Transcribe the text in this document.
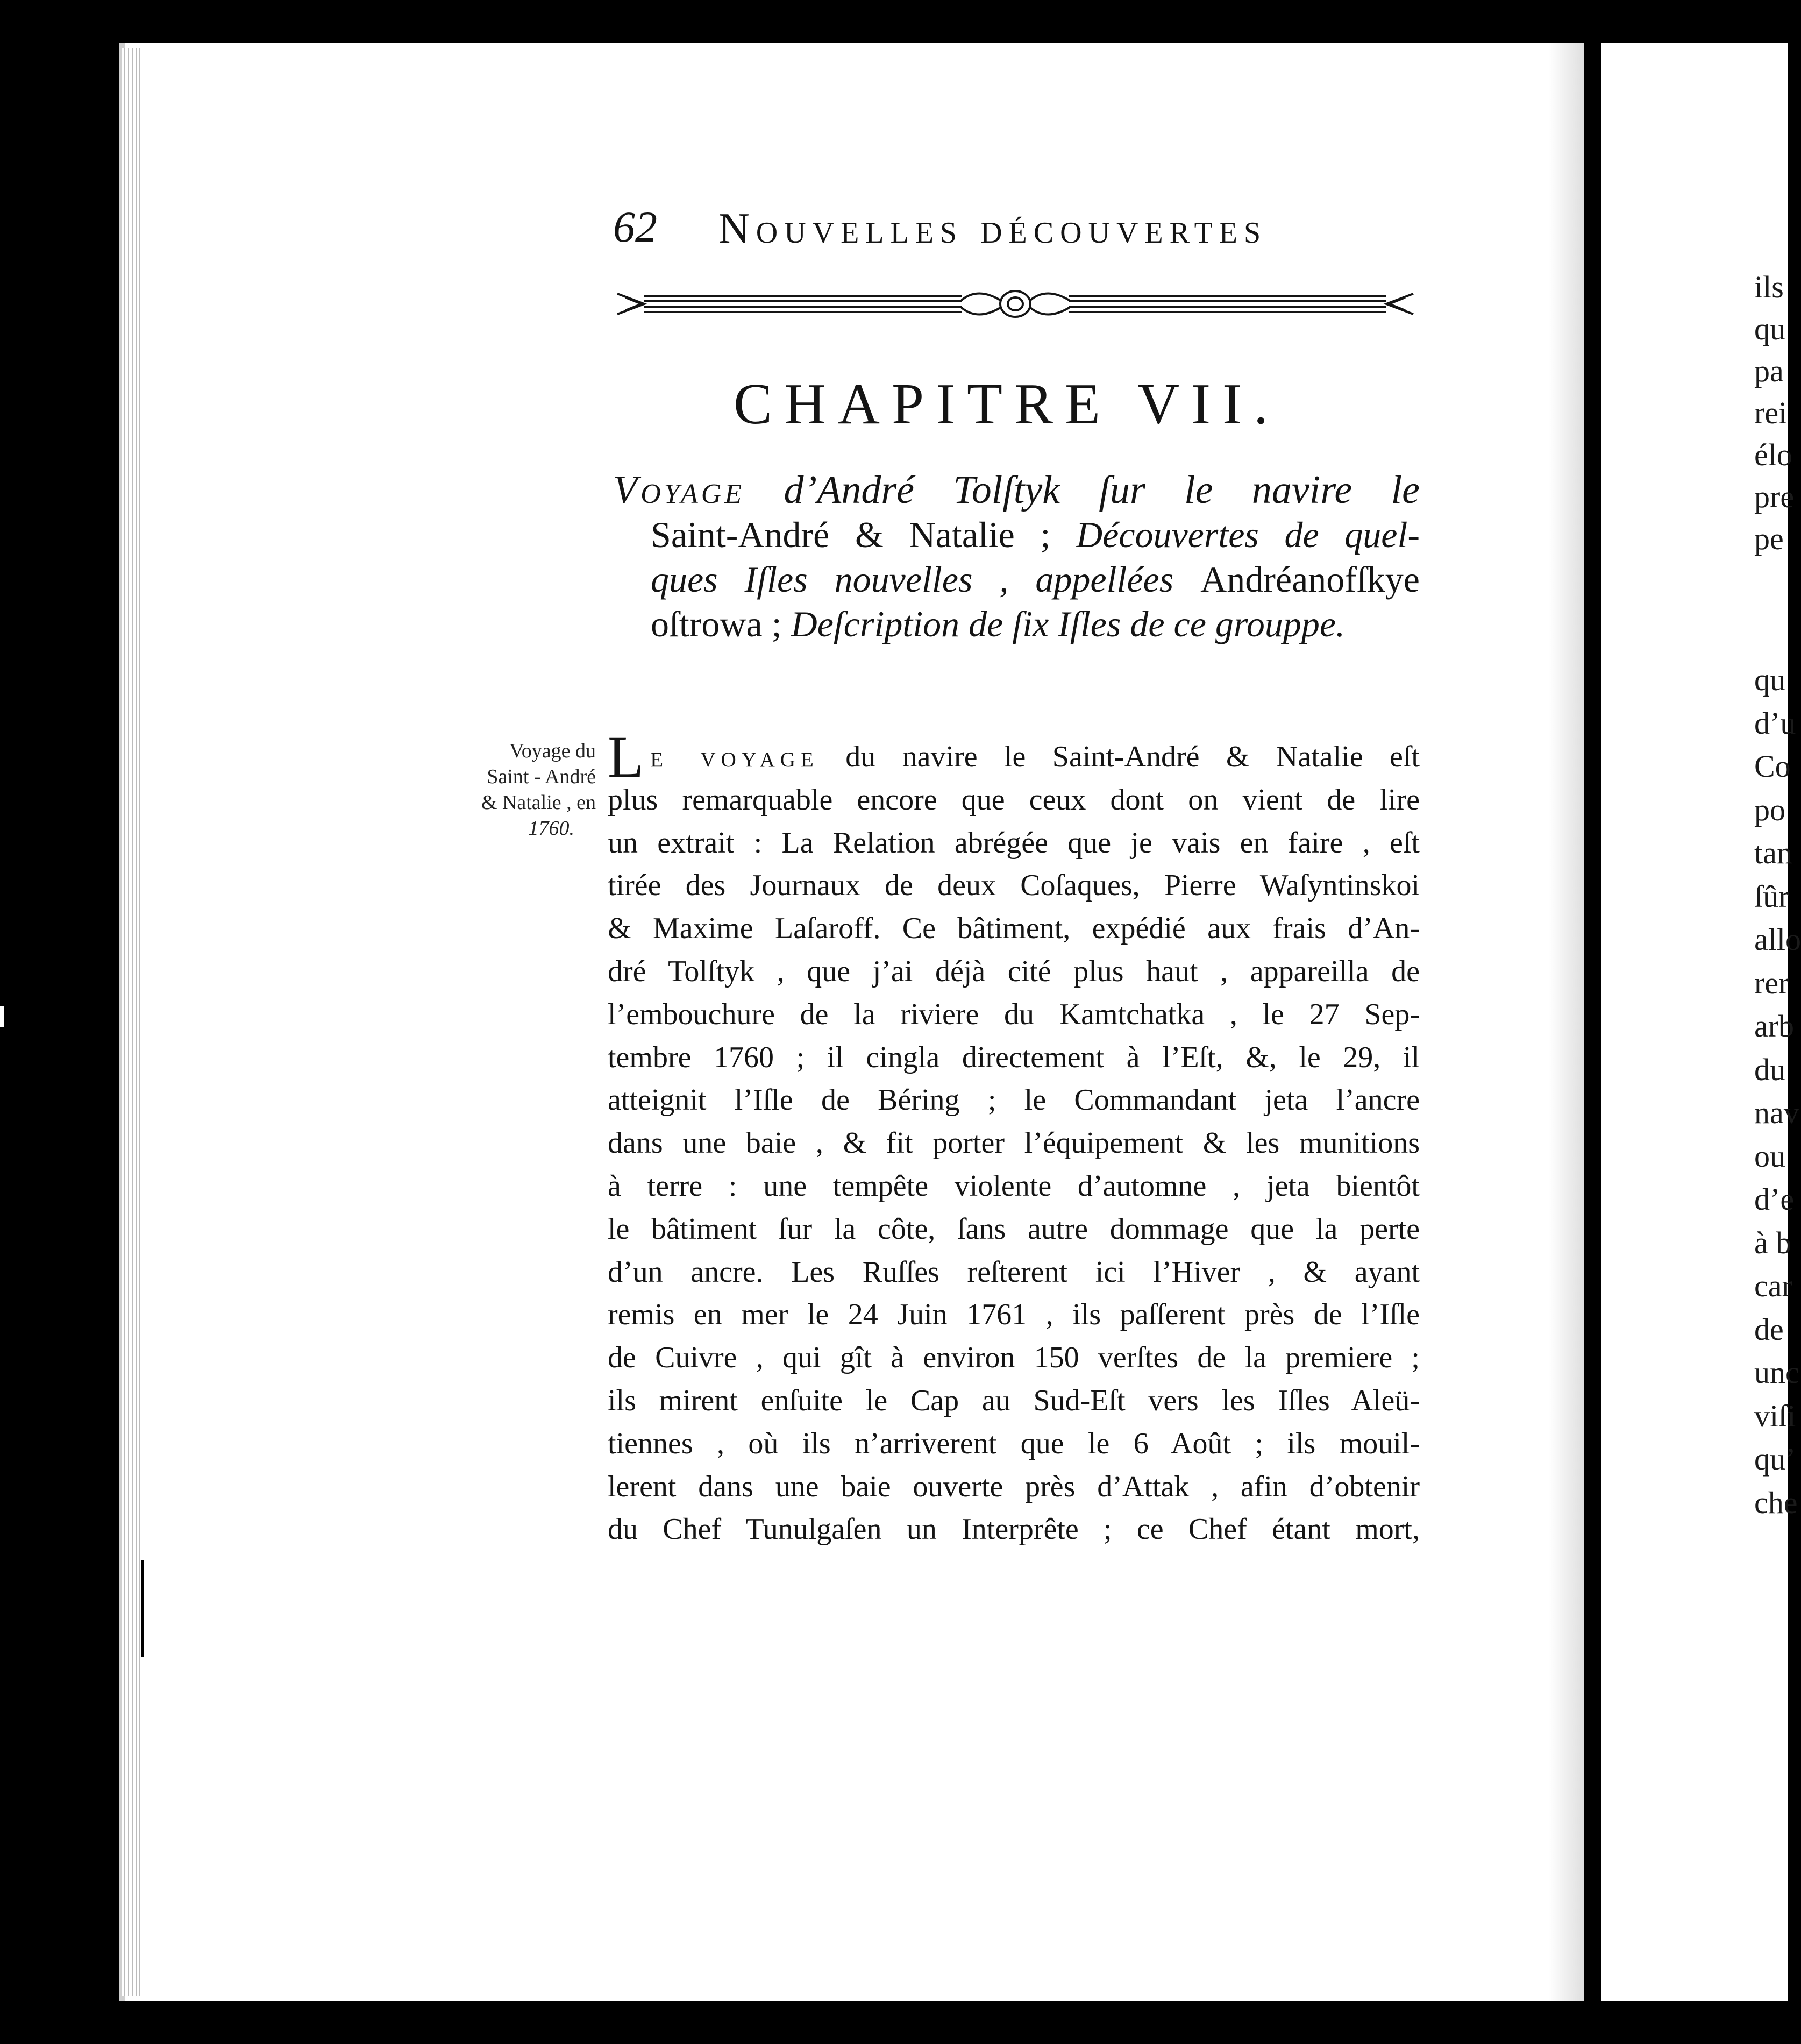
62 Nouvelles découvertes
CHAPITRE VII.
Voyage d’André Tolſtyk ſur le navire le
Saint-André & Natalie ; Découvertes de quel-
ques Iſles nouvelles , appellées Andréanofſkye
oſtrowa ; Deſcription de ſix Iſles de ce grouppe.
Voyage du
Saint - André
& Natalie , en
1760.
Le voyage du navire le Saint-André & Natalie eſt
plus remarquable encore que ceux dont on vient de lire
un extrait : La Relation abrégée que je vais en faire , eſt
tirée des Journaux de deux Coſaques, Pierre Waſyntinskoi
& Maxime Laſaroff. Ce bâtiment, expédié aux frais d’An-
dré Tolſtyk , que j’ai déjà cité plus haut , appareilla de
l’embouchure de la riviere du Kamtchatka , le 27 Sep-
tembre 1760 ; il cingla directement à l’Eſt, &, le 29, il
atteignit l’Iſle de Béring ; le Commandant jeta l’ancre
dans une baie , & fit porter l’équipement & les munitions
à terre : une tempête violente d’automne , jeta bientôt
le bâtiment ſur la côte, ſans autre dommage que la perte
d’un ancre. Les Ruſſes reſterent ici l’Hiver , & ayant
remis en mer le 24 Juin 1761 , ils paſſerent près de l’Iſle
de Cuivre , qui gît à environ 150 verſtes de la premiere ;
ils mirent enſuite le Cap au Sud-Eſt vers les Iſles Aleü-
tiennes , où ils n’arriverent que le 6 Août ; ils mouil-
lerent dans une baie ouverte près d’Attak , afin d’obtenir
du Chef Tunulgaſen un Interprête ; ce Chef étant mort,
ils
qu
pa
rei
élo
pre
pe
qu
d’u
Co
po
tan
ſûr
allo
rer
arb
du
nav
ou
d’e
à b
car
de
unc
viſi
qu’
che
